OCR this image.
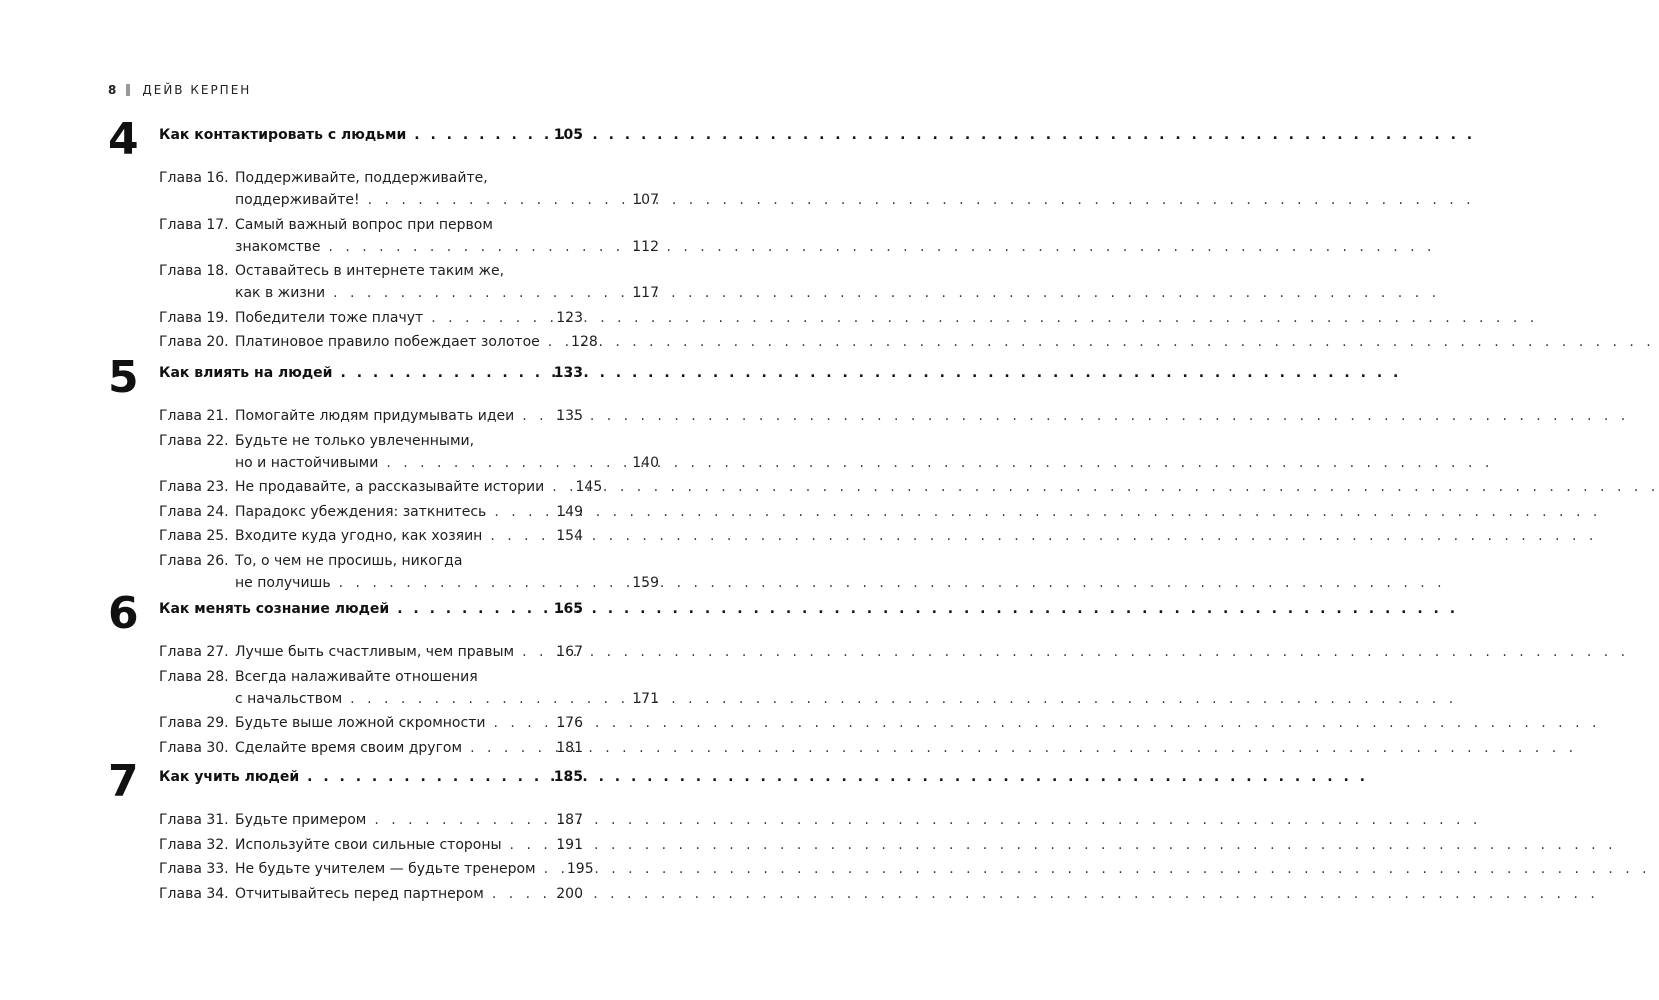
8 ДЕЙВ КЕРПЕН
4	Как контактировать с людьми . . .	105
Глава 16. Поддерживайте, поддерживайте,
поддерживайте! . . .	107
Глава 17. Самый важный вопрос при первом
знакомстве . . .	112
Глава 18. Оставайтесь в интернете таким же,
как в жизни . . .	117
Глава 19. Победители тоже плачут . . .	123
Глава 20. Платиновое правило побеждает золотое . . .	128
5	Как влиять на людей . . .	133
Глава 21. Помогайте людям придумывать идеи . . .	135
Глава 22. Будьте не только увлеченными,
но и настойчивыми . . .	140
Глава 23. Не продавайте, а рассказывайте истории . . .	145
Глава 24. Парадокс убеждения: заткнитесь . . .	149
Глава 25. Входите куда угодно, как хозяин . . .	154
Глава 26. То, о чем не просишь, никогда
не получишь . . .	159
6	Как менять сознание людей . . .	165
Глава 27. Лучше быть счастливым, чем правым . . .	167
Глава 28. Всегда налаживайте отношения
с начальством . . .	171
Глава 29. Будьте выше ложной скромности . . .	176
Глава 30. Сделайте время своим другом . . .	181
7	Как учить людей . . .	185
Глава 31. Будьте примером . . .	187
Глава 32. Используйте свои сильные стороны . . .	191
Глава 33. Не будьте учителем — будьте тренером . . .	195
Глава 34. Отчитывайтесь перед партнером . . .	200
